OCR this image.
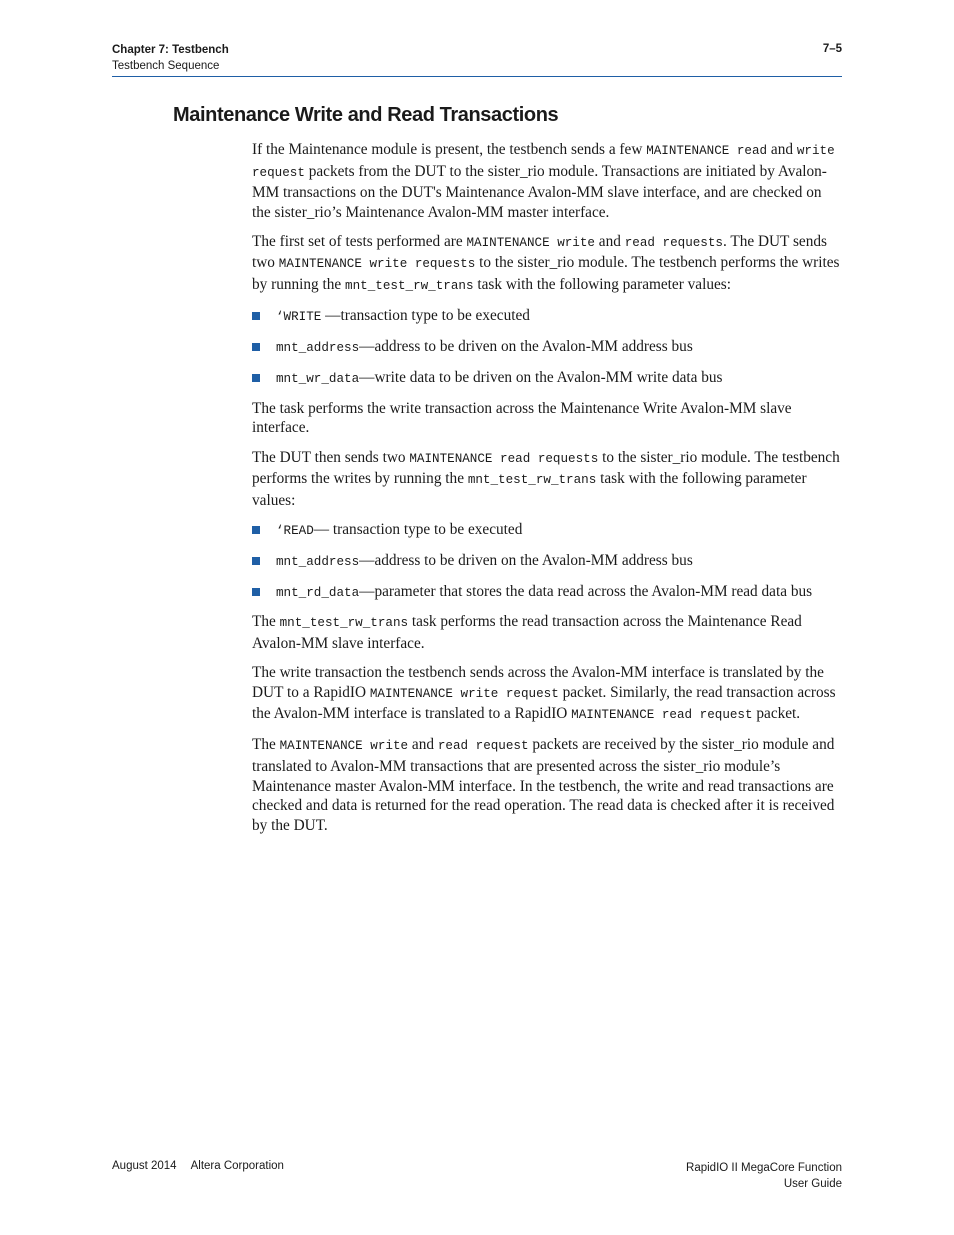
Chapter 7: Testbench
Testbench Sequence
7–5
Maintenance Write and Read Transactions

If the Maintenance module is present, the testbench sends a few MAINTENANCE read and write request packets from the DUT to the sister_rio module. Transactions are initiated by Avalon-MM transactions on the DUT's Maintenance Avalon-MM slave interface, and are checked on the sister_rio’s Maintenance Avalon-MM master interface.

The first set of tests performed are MAINTENANCE write and read requests. The DUT sends two MAINTENANCE write requests to the sister_rio module. The testbench performs the writes by running the mnt_test_rw_trans task with the following parameter values:

‘WRITE —transaction type to be executed
mnt_address—address to be driven on the Avalon-MM address bus
mnt_wr_data—write data to be driven on the Avalon-MM write data bus

The task performs the write transaction across the Maintenance Write Avalon-MM slave interface.

The DUT then sends two MAINTENANCE read requests to the sister_rio module. The testbench performs the writes by running the mnt_test_rw_trans task with the following parameter values:

‘READ— transaction type to be executed
mnt_address—address to be driven on the Avalon-MM address bus
mnt_rd_data—parameter that stores the data read across the Avalon-MM read data bus

The mnt_test_rw_trans task performs the read transaction across the Maintenance Read Avalon-MM slave interface.

The write transaction the testbench sends across the Avalon-MM interface is translated by the DUT to a RapidIO MAINTENANCE write request packet. Similarly, the read transaction across the Avalon-MM interface is translated to a RapidIO MAINTENANCE read request packet.

The MAINTENANCE write and read request packets are received by the sister_rio module and translated to Avalon-MM transactions that are presented across the sister_rio module’s Maintenance master Avalon-MM interface. In the testbench, the write and read transactions are checked and data is returned for the read operation. The read data is checked after it is received by the DUT.

August 2014 Altera Corporation	RapidIO II MegaCore Function
User Guide
